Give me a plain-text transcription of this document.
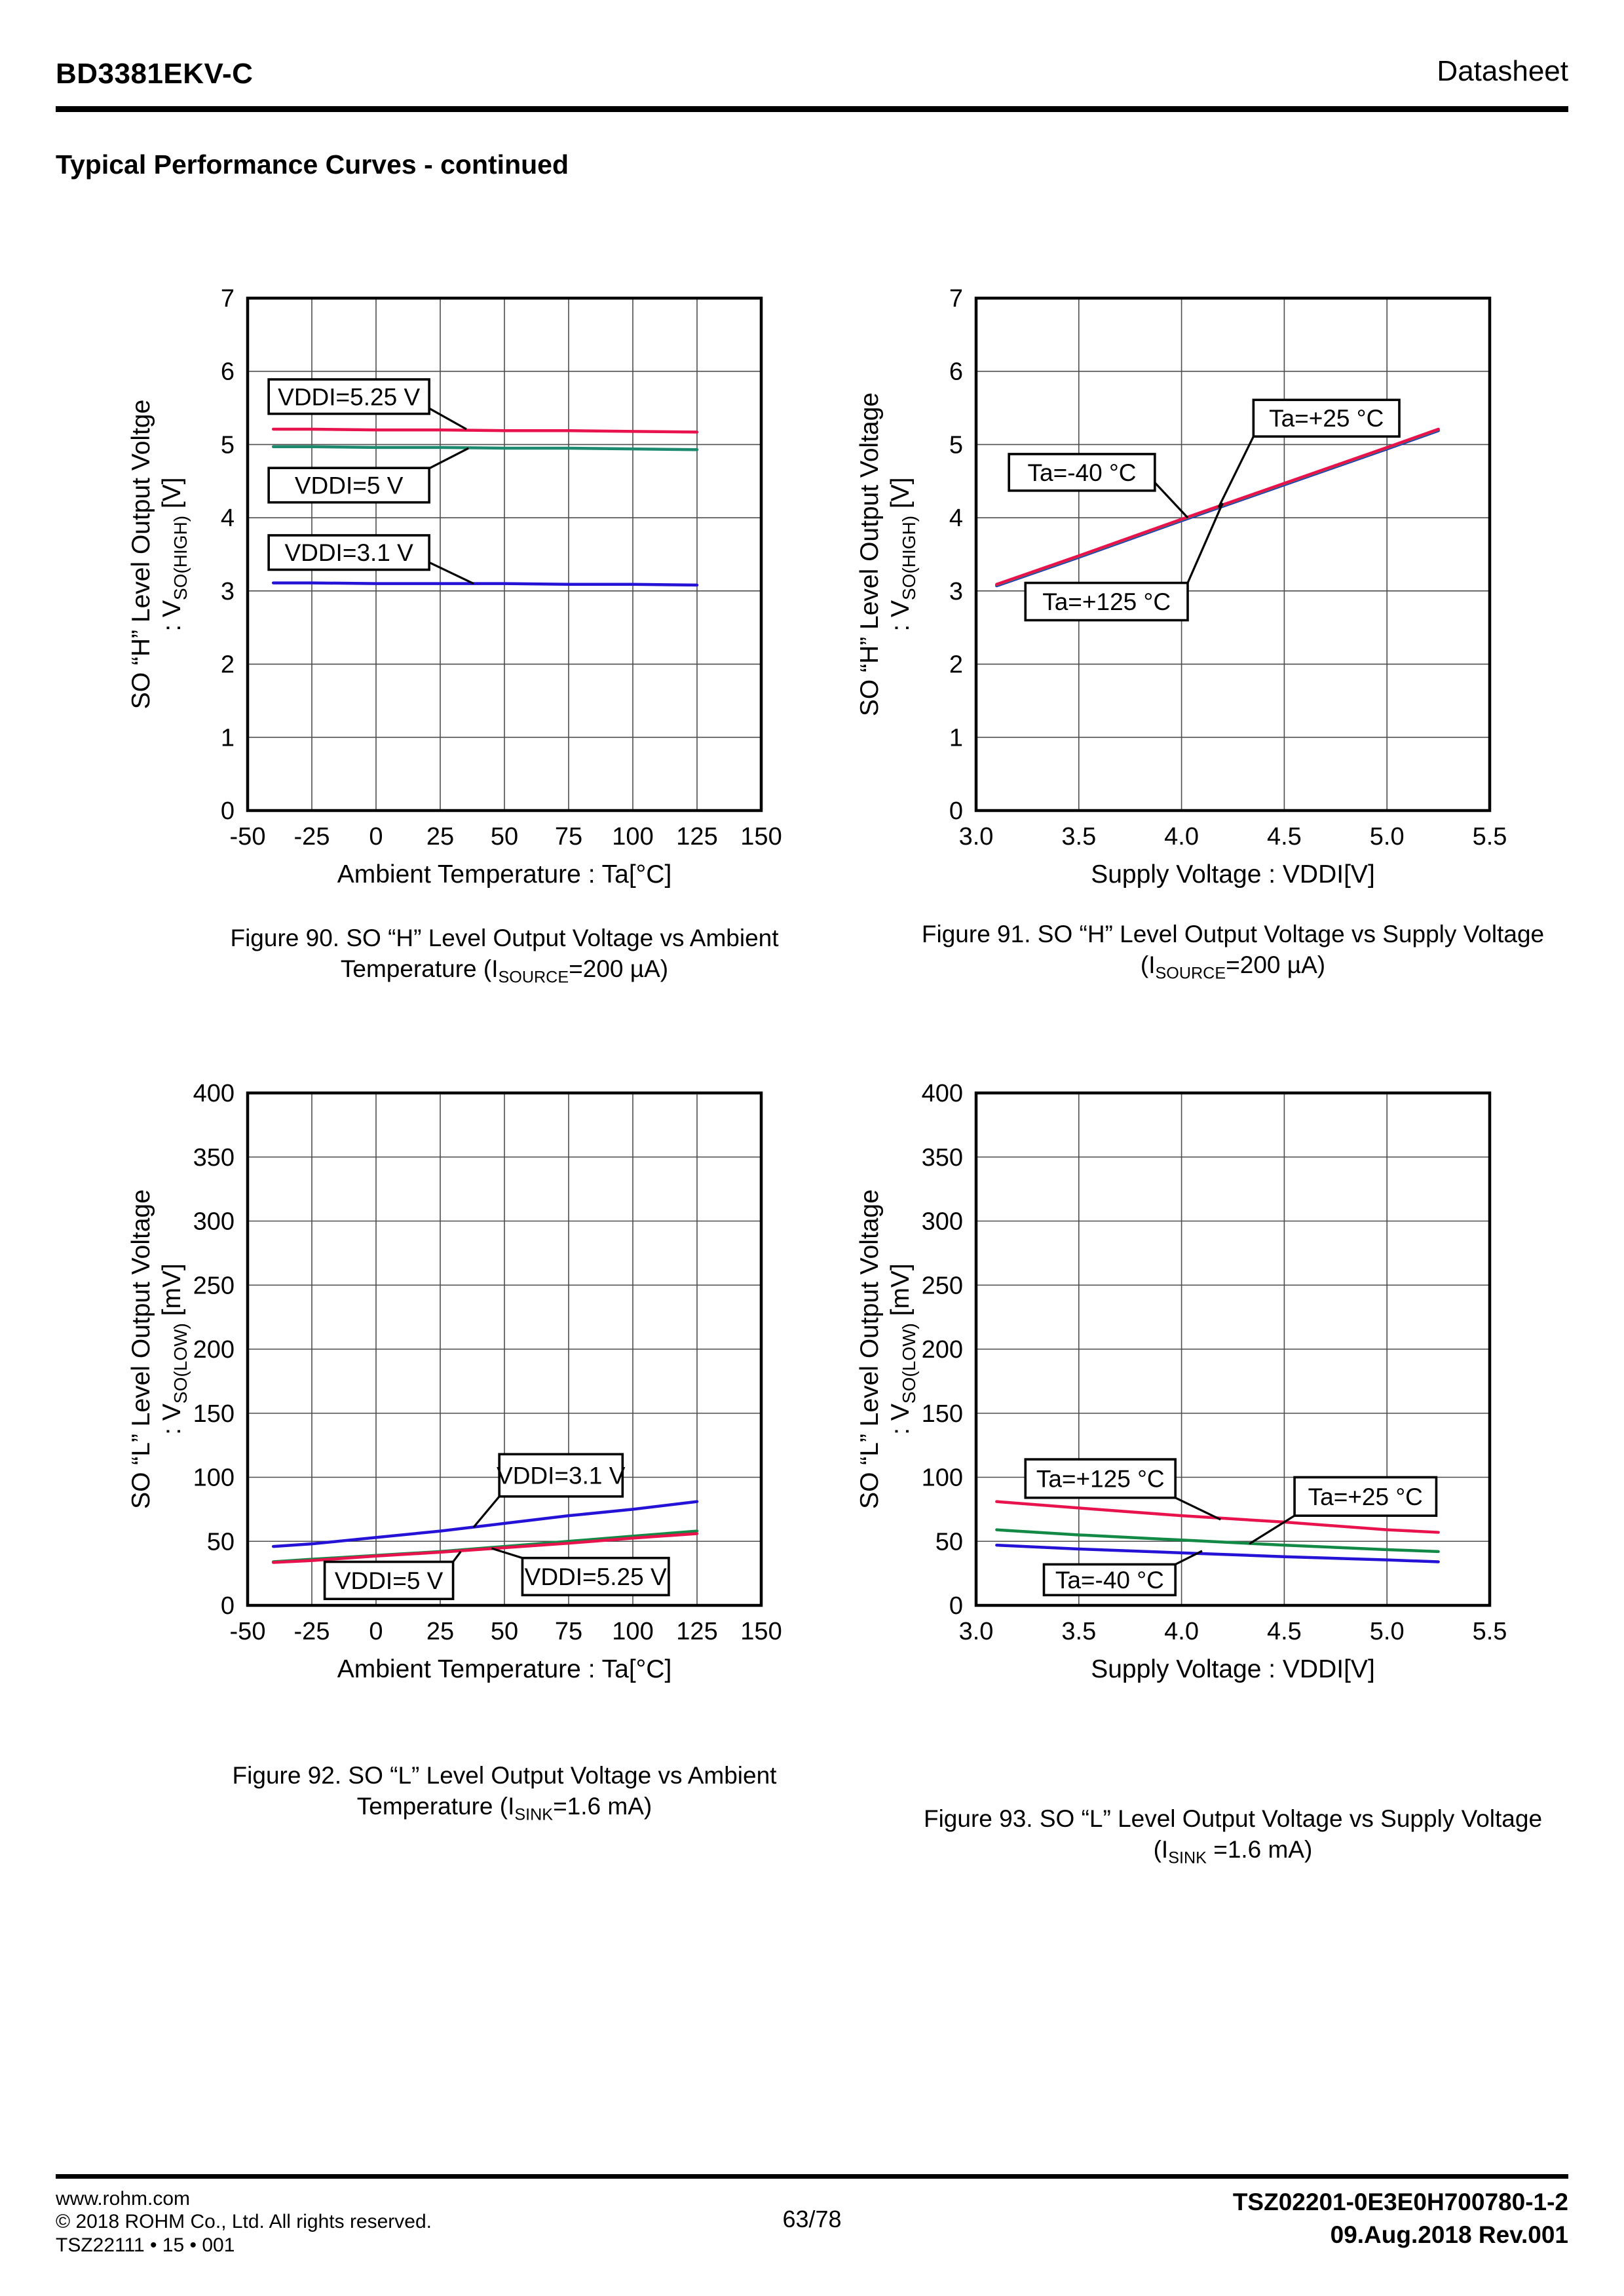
BD3381EKV-C	Datasheet
Typical Performance Curves - continued
VDDI=5.25 V
VDDI=5 V
VDDI=3.1 V
-50 -25 0 25 50 75 100 125 150
0
1
2
3
4
5
6
7
Ambient Temperature : Ta[°C]
SO “H” Level Output Voltge : $V_{SO(HIGH)}$ [V]
Ta=+25 °C
Ta=-40 °C
Ta=+125 °C
3.0	3.5	4.0	4.5	5.0	5.5
0
1
2
3
4
5
6
7
Supply Voltage : VDDI[V]
SO “H” Level Output Voltage : $V_{SO(HIGH)}$ [V]
VDDI=3.1 V
VDDI=5 V	VDDI=5.25 V
-50 -25 0 25 50 75 100 125 150
0
50
100
150
200
250
300
350
400
Ambient Temperature : Ta[°C]
SO “L” Level Output Voltage : $V_{SO(LOW)}$ [mV]
Ta=+125 °C
Ta=+25 °C
Ta=-40 °C
3.0	3.5	4.0	4.5	5.0	5.5
0
50
100
150
200
250
300
350
400
Supply Voltage : VDDI[V]
SO “L” Level Output Voltage : $V_{SO(LOW)}$ [mV]
Figure 90. SO “H” Level Output Voltage vs Ambient
Temperature ($I_{SOURCE}=200$ µA)
Figure 91. SO “H” Level Output Voltage vs Supply Voltage
($I_{SOURCE}=200$ µA)
Figure 92. SO “L” Level Output Voltage vs Ambient
Temperature ($I_{SINK}=1.6$ mA)	Figure 93. SO “L” Level Output Voltage vs Supply Voltage
($I_{SINK} =1.6$ mA)
www.rohm.com
© 2018 ROHM Co., Ltd. All rights reserved.
TSZ22111 • 15 • 001
63/78
TSZ02201-0E3E0H700780-1-2
09.Aug.2018 Rev.001
